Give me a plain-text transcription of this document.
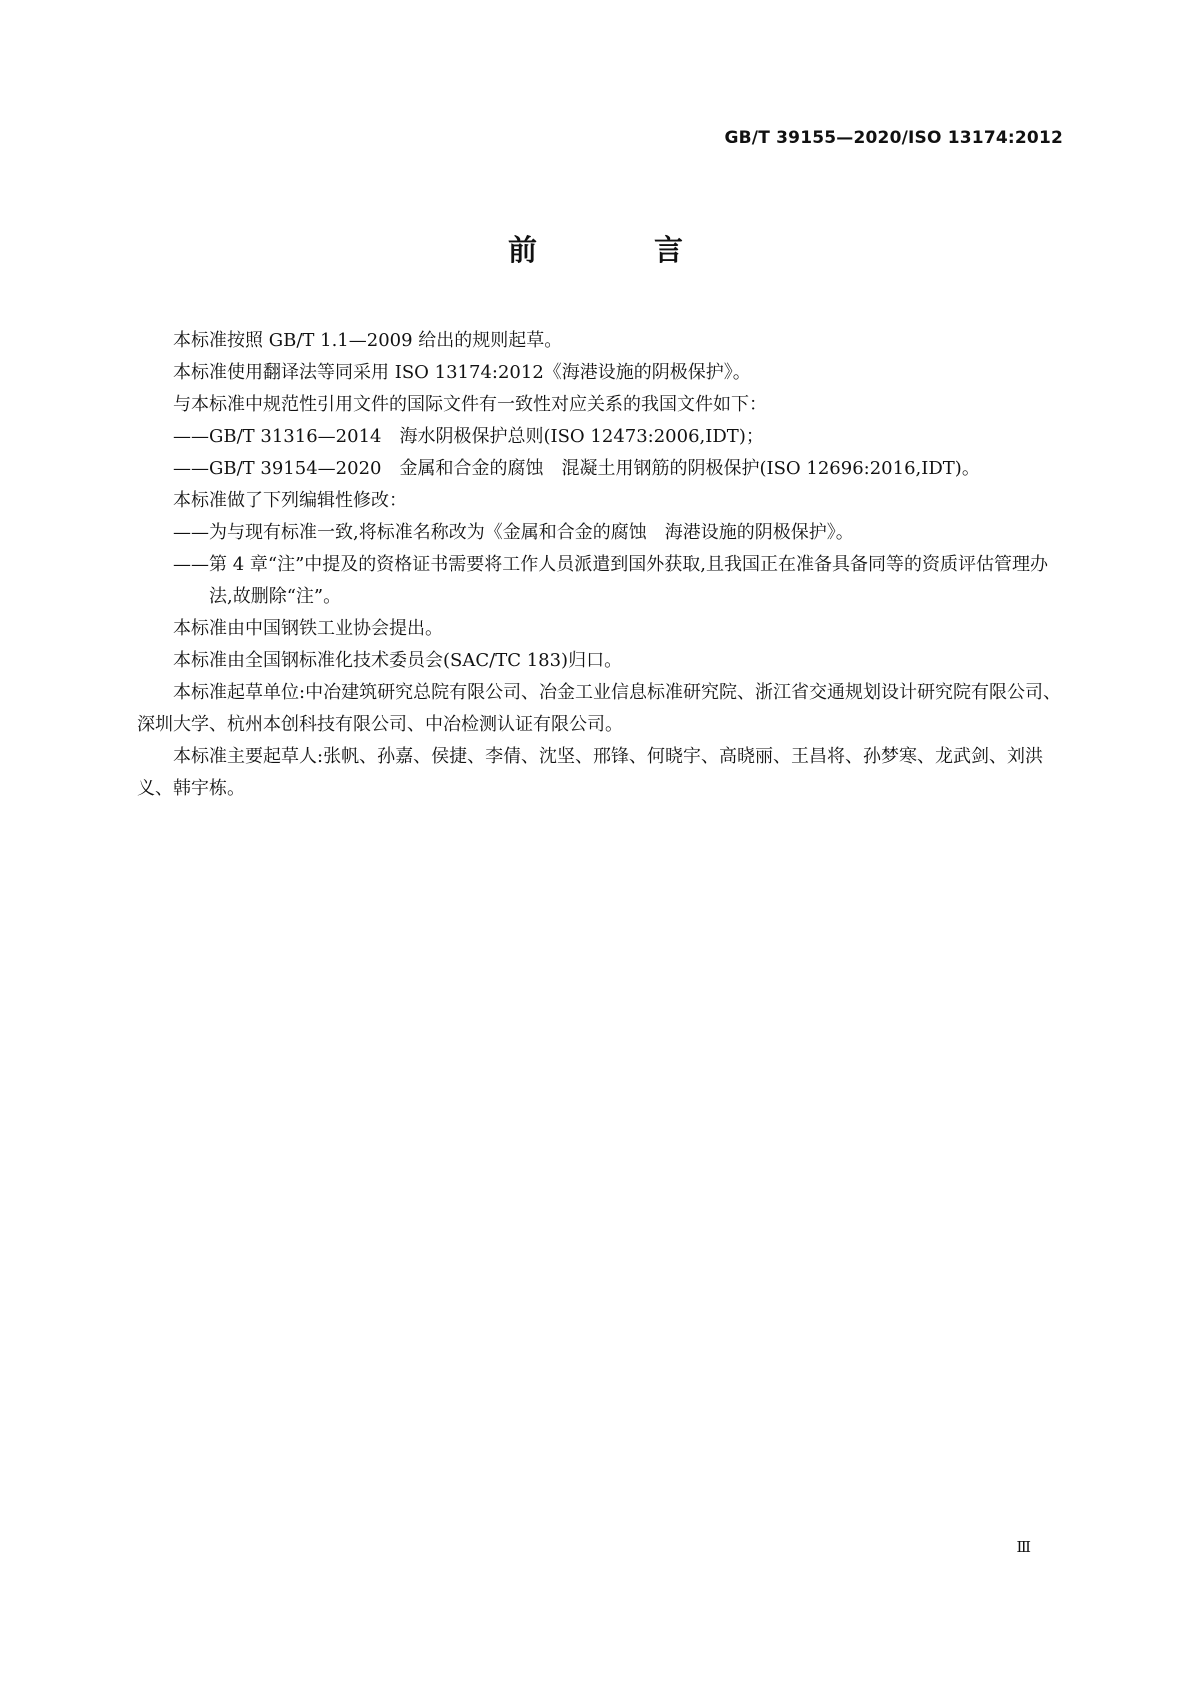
GB/T 39155—2020/ISO 13174:2012
前　言

本标准按照 GB/T 1.1—2009 给出的规则起草。

本标准使用翻译法等同采用 ISO 13174:2012《海港设施的阴极保护》。

与本标准中规范性引用文件的国际文件有一致性对应关系的我国文件如下：

——GB/T 31316—2014　海水阴极保护总则(ISO 12473:2006,IDT)；

——GB/T 39154—2020　金属和合金的腐蚀　混凝土用钢筋的阴极保护(ISO 12696:2016,IDT)。

本标准做了下列编辑性修改：

——为与现有标准一致,将标准名称改为《金属和合金的腐蚀　海港设施的阴极保护》。

——第 4 章“注”中提及的资格证书需要将工作人员派遣到国外获取,且我国正在准备具备同等的资质评估管理办法,故删除“注”。

本标准由中国钢铁工业协会提出。

本标准由全国钢标准化技术委员会(SAC/TC 183)归口。

本标准起草单位:中冶建筑研究总院有限公司、冶金工业信息标准研究院、浙江省交通规划设计研究院有限公司、深圳大学、杭州本创科技有限公司、中冶检测认证有限公司。

本标准主要起草人:张帆、孙嘉、侯捷、李倩、沈坚、邢锋、何晓宇、高晓丽、王昌将、孙梦寒、龙武剑、刘洪义、韩宇栋。

Ⅲ
